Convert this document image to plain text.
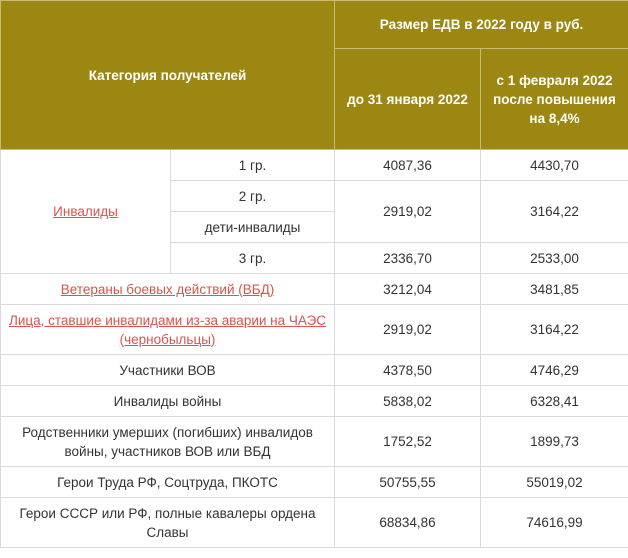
Категория получателей		Размер ЕДВ в 2022 году в руб.	
		до 31 января 2022	с 1 февраля 2022 после повышения на 8,4%
Инвалиды	1 гр.	4087,36	4430,70
	2 гр.	2919,02	3164,22
	дети-инвалиды		
	3 гр.	2336,70	2533,00
Ветераны боевых действий (ВБД)		3212,04	3481,85
Лица, ставшие инвалидами из-за аварии на ЧАЭС (чернобыльцы)		2919,02	3164,22
Участники ВОВ		4378,50	4746,29
Инвалиды войны		5838,02	6328,41
Родственники умерших (погибших) инвалидов войны, участников ВОВ или ВБД		1752,52	1899,73
Герои Труда РФ, Соцтруда, ПКОТС		50755,55	55019,02
Герои СССР или РФ, полные кавалеры ордена Славы		68834,86	74616,99
